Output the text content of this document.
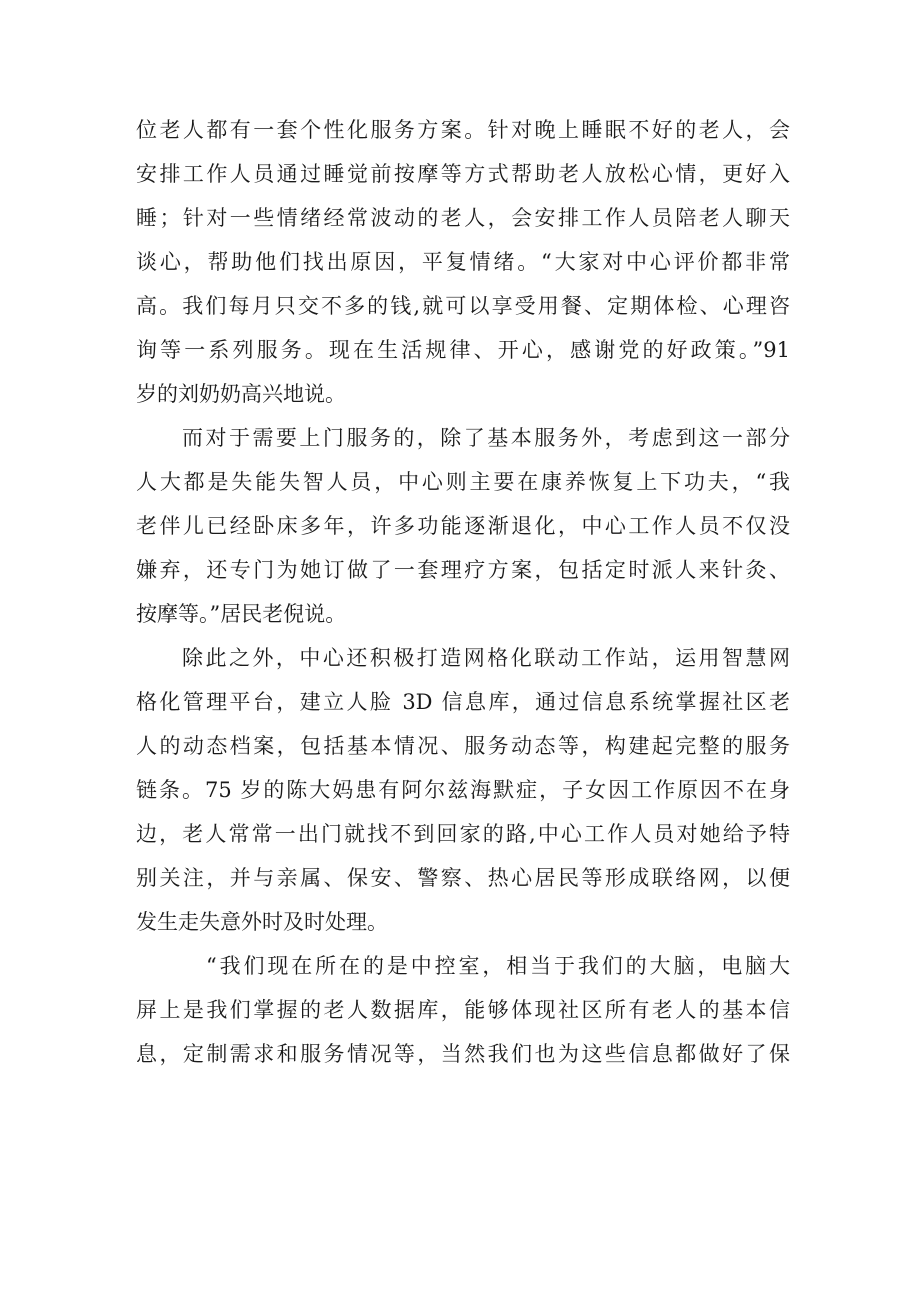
位老人都有一套个性化服务方案。针对晚上睡眠不好的老人，会
安排工作人员通过睡觉前按摩等方式帮助老人放松心情，更好入
睡；针对一些情绪经常波动的老人，会安排工作人员陪老人聊天
谈心，帮助他们找出原因，平复情绪。“大家对中心评价都非常
高。我们每月只交不多的钱,就可以享受用餐、定期体检、心理咨
询等一系列服务。现在生活规律、开心，感谢党的好政策。”91
岁的刘奶奶高兴地说。
而对于需要上门服务的，除了基本服务外，考虑到这一部分
人大都是失能失智人员，中心则主要在康养恢复上下功夫，“我
老伴儿已经卧床多年，许多功能逐渐退化，中心工作人员不仅没
嫌弃，还专门为她订做了一套理疗方案，包括定时派人来针灸、
按摩等。”居民老倪说。
除此之外，中心还积极打造网格化联动工作站，运用智慧网
格化管理平台，建立人脸 3D 信息库，通过信息系统掌握社区老
人的动态档案，包括基本情况、服务动态等，构建起完整的服务
链条。75 岁的陈大妈患有阿尔兹海默症，子女因工作原因不在身
边，老人常常一出门就找不到回家的路,中心工作人员对她给予特
别关注，并与亲属、保安、警察、热心居民等形成联络网，以便
发生走失意外时及时处理。
“我们现在所在的是中控室，相当于我们的大脑，电脑大
屏上是我们掌握的老人数据库，能够体现社区所有老人的基本信
息，定制需求和服务情况等，当然我们也为这些信息都做好了保
